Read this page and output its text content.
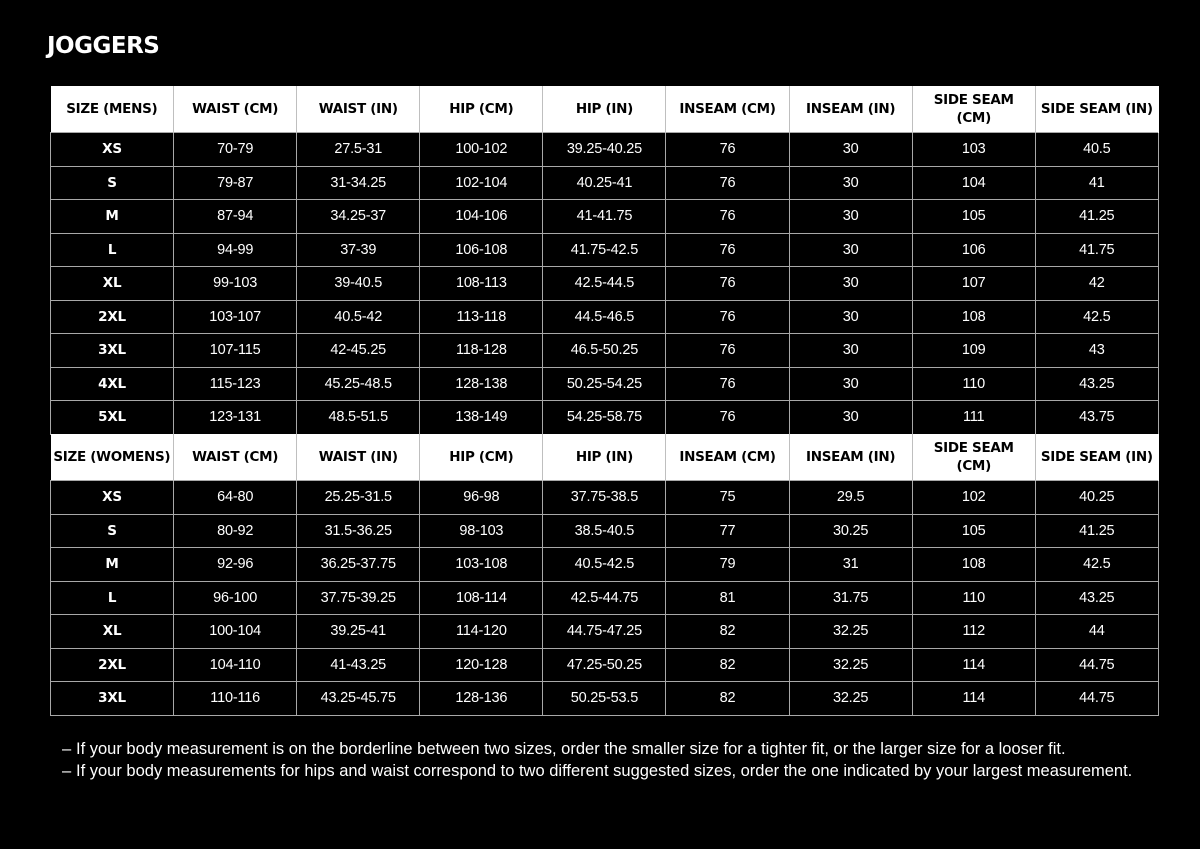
JOGGERS
SIZE (MENS)	WAIST (CM)	WAIST (IN)	HIP (CM)	HIP (IN)	INSEAM (CM)	INSEAM (IN)	SIDE SEAM (CM)	SIDE SEAM (IN)
XS	70-79	27.5-31	100-102	39.25-40.25	76	30	103	40.5
S	79-87	31-34.25	102-104	40.25-41	76	30	104	41
M	87-94	34.25-37	104-106	41-41.75	76	30	105	41.25
L	94-99	37-39	106-108	41.75-42.5	76	30	106	41.75
XL	99-103	39-40.5	108-113	42.5-44.5	76	30	107	42
2XL	103-107	40.5-42	113-118	44.5-46.5	76	30	108	42.5
3XL	107-115	42-45.25	118-128	46.5-50.25	76	30	109	43
4XL	115-123	45.25-48.5	128-138	50.25-54.25	76	30	110	43.25
5XL	123-131	48.5-51.5	138-149	54.25-58.75	76	30	111	43.75
SIZE (WOMENS)	WAIST (CM)	WAIST (IN)	HIP (CM)	HIP (IN)	INSEAM (CM)	INSEAM (IN)	SIDE SEAM (CM)	SIDE SEAM (IN)
XS	64-80	25.25-31.5	96-98	37.75-38.5	75	29.5	102	40.25
S	80-92	31.5-36.25	98-103	38.5-40.5	77	30.25	105	41.25
M	92-96	36.25-37.75	103-108	40.5-42.5	79	31	108	42.5
L	96-100	37.75-39.25	108-114	42.5-44.75	81	31.75	110	43.25
XL	100-104	39.25-41	114-120	44.75-47.25	82	32.25	112	44
2XL	104-110	41-43.25	120-128	47.25-50.25	82	32.25	114	44.75
3XL	110-116	43.25-45.75	128-136	50.25-53.5	82	32.25	114	44.75
– If your body measurement is on the borderline between two sizes, order the smaller size for a tighter fit, or the larger size for a looser fit.
– If your body measurements for hips and waist correspond to two different suggested sizes, order the one indicated by your largest measurement.
